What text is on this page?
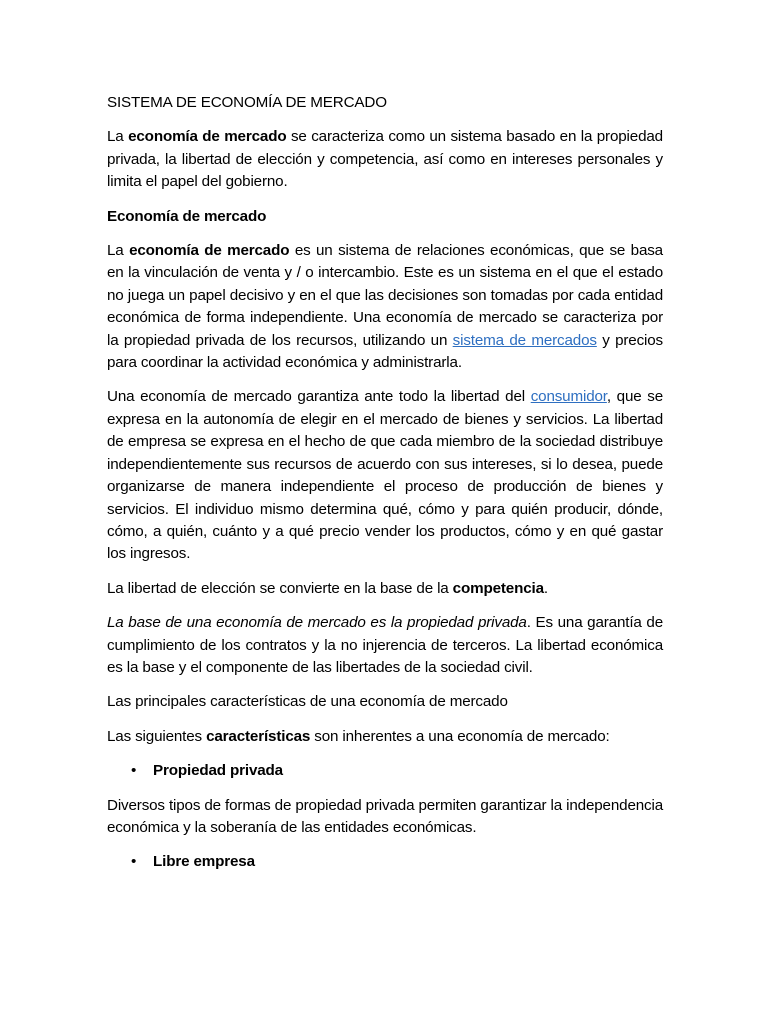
SISTEMA DE ECONOMÍA DE MERCADO

La economía de mercado se caracteriza como un sistema basado en la propiedad privada, la libertad de elección y competencia, así como en intereses personales y limita el papel del gobierno.

Economía de mercado

La economía de mercado es un sistema de relaciones económicas, que se basa en la vinculación de venta y / o intercambio. Este es un sistema en el que el estado no juega un papel decisivo y en el que las decisiones son tomadas por cada entidad económica de forma independiente. Una economía de mercado se caracteriza por la propiedad privada de los recursos, utilizando un sistema de mercados y precios para coordinar la actividad económica y administrarla.

Una economía de mercado garantiza ante todo la libertad del consumidor, que se expresa en la autonomía de elegir en el mercado de bienes y servicios. La libertad de empresa se expresa en el hecho de que cada miembro de la sociedad distribuye independientemente sus recursos de acuerdo con sus intereses, si lo desea, puede organizarse de manera independiente el proceso de producción de bienes y servicios. El individuo mismo determina qué, cómo y para quién producir, dónde, cómo, a quién, cuánto y a qué precio vender los productos, cómo y en qué gastar los ingresos.

La libertad de elección se convierte en la base de la competencia.

La base de una economía de mercado es la propiedad privada. Es una garantía de cumplimiento de los contratos y la no injerencia de terceros. La libertad económica es la base y el componente de las libertades de la sociedad civil.

Las principales características de una economía de mercado

Las siguientes características son inherentes a una economía de mercado:

• Propiedad privada

Diversos tipos de formas de propiedad privada permiten garantizar la independencia económica y la soberanía de las entidades económicas.

• Libre empresa
